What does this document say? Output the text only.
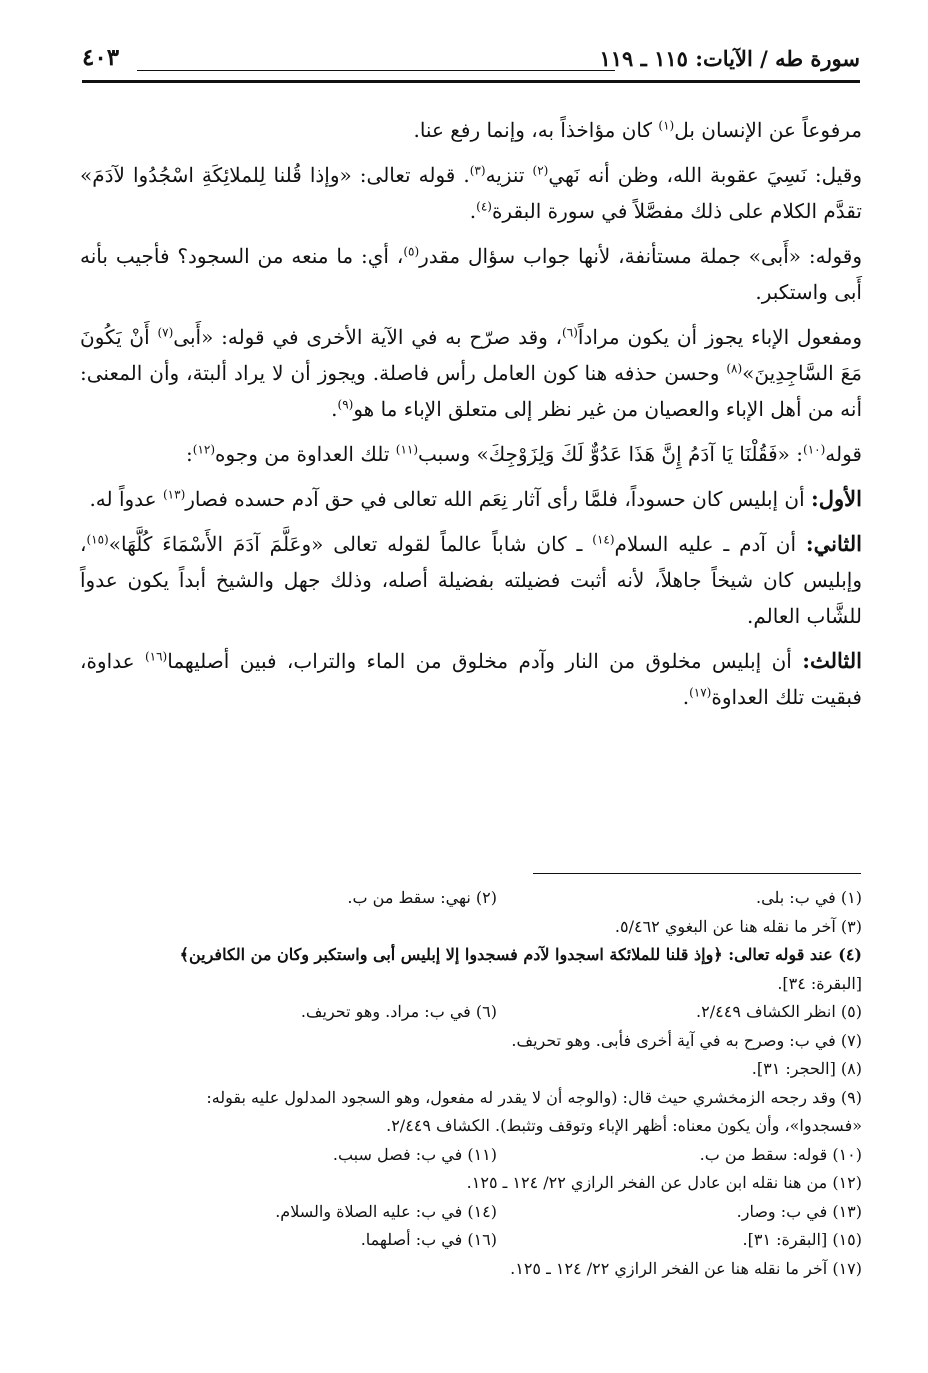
سورة طه / الآيات: ١١٥ ـ ١١٩
٤٠٣

مرفوعاً عن الإنسان بل$^{(١)}$ كان مؤاخذاً به، وإنما رفع عنا.

وقيل: نَسِيَ عقوبة الله، وظن أنه نَهي$^{(٢)}$ تنزيه$^{(٣)}$. قوله تعالى: «وإذا قُلنا لِلملائِكَةِ اسْجُدُوا لآدَمَ» تقدَّم الكلام على ذلك مفصَّلاً في سورة البقرة$^{(٤)}$.

وقوله: «أَبى» جملة مستأنفة، لأنها جواب سؤال مقدر$^{(٥)}$، أي: ما منعه من السجود؟ فأجيب بأنه أَبى واستكبر.

ومفعول الإباء يجوز أن يكون مراداً$^{(٦)}$، وقد صرّح به في الآية الأخرى في قوله: «أَبى$^{(٧)}$ أَنْ يَكُونَ مَعَ السَّاجِدِينَ»$^{(٨)}$ وحسن حذفه هنا كون العامل رأس فاصلة. ويجوز أن لا يراد ألبتة، وأن المعنى: أنه من أهل الإباء والعصيان من غير نظر إلى متعلق الإباء ما هو$^{(٩)}$.

قوله$^{(١٠)}$: «فَقُلْنَا يَا آدَمُ إِنَّ هَذَا عَدُوٌّ لَكَ وَلِزَوْجِكَ» وسبب$^{(١١)}$ تلك العداوة من وجوه$^{(١٢)}$:

الأول: أن إبليس كان حسوداً، فلمَّا رأى آثار نِعَم الله تعالى في حق آدم حسده فصار$^{(١٣)}$ عدواً له.

الثاني: أن آدم ـ عليه السلام$^{(١٤)}$ ـ كان شاباً عالماً لقوله تعالى «وعَلَّمَ آدَمَ الأَسْمَاءَ كُلَّهَا»$^{(١٥)}$، وإبليس كان شيخاً جاهلاً، لأنه أثبت فضيلته بفضيلة أصله، وذلك جهل والشيخ أبداً يكون عدواً للشَّاب العالم.

الثالث: أن إبليس مخلوق من النار وآدم مخلوق من الماء والتراب، فبين أصليهما$^{(١٦)}$ عداوة، فبقيت تلك العداوة$^{(١٧)}$.

(١) في ب: بلى.
(٢) نهي: سقط من ب.

(٣) آخر ما نقله هنا عن البغوي ٥/٤٦٢.

(٤) عند قوله تعالى: ﴿وإذ قلنا للملائكة اسجدوا لآدم فسجدوا إلا إبليس أبى واستكبر وكان من الكافرين﴾

[البقرة: ٣٤].

(٥) انظر الكشاف ٢/٤٤٩.
(٦) في ب: مراد. وهو تحريف.

(٧) في ب: وصرح به في آية أخرى فأبى. وهو تحريف.

(٨) [الحجر: ٣١].

(٩) وقد رجحه الزمخشري حيث قال: (والوجه أن لا يقدر له مفعول، وهو السجود المدلول عليه بقوله:

«فسجدوا»، وأن يكون معناه: أظهر الإباء وتوقف وتثبط). الكشاف ٢/٤٤٩.

(١٠) قوله: سقط من ب.
(١١) في ب: فصل سبب.

(١٢) من هنا نقله ابن عادل عن الفخر الرازي ٢٢/ ١٢٤ ـ ١٢٥.

(١٣) في ب: وصار.
(١٤) في ب: عليه الصلاة والسلام.
(١٥) [البقرة: ٣١].
(١٦) في ب: أصلهما.

(١٧) آخر ما نقله هنا عن الفخر الرازي ٢٢/ ١٢٤ ـ ١٢٥.
